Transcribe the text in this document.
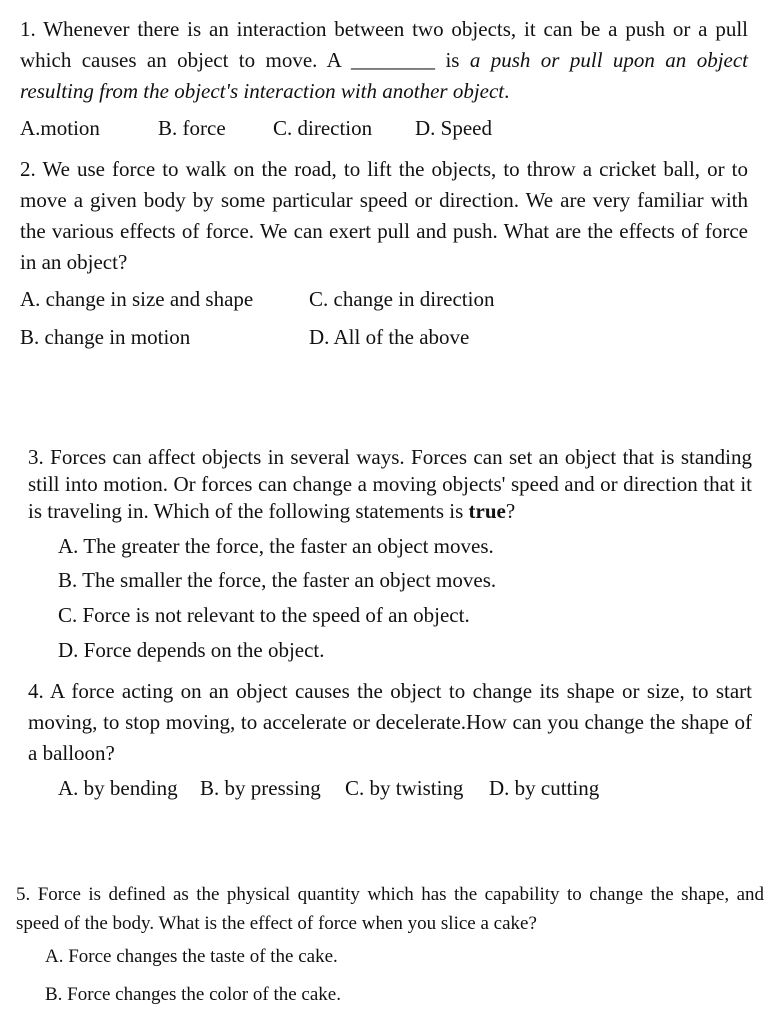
1. Whenever there is an interaction between two objects, it can be a push or a pull which causes an object to move. A ________ is a push or pull upon an object resulting from the object's interaction with another object.

A.motion	B. force C. direction D. Speed

2. We use force to walk on the road, to lift the objects, to throw a cricket ball, or to move a given body by some particular speed or direction. We are very familiar with the various effects of force. We can exert pull and push. What are the effects of force in an object?

A. change in size and shape	C. change in direction
B. change in motion	D. All of the above

3. Forces can affect objects in several ways. Forces can set an object that is standing still into motion. Or forces can change a moving objects' speed and or direction that it is traveling in. Which of the following statements is true?

A. The greater the force, the faster an object moves.
B. The smaller the force, the faster an object moves.
C. Force is not relevant to the speed of an object.
D. Force depends on the object.

4. A force acting on an object causes the object to change its shape or size, to start moving, to stop moving, to accelerate or decelerate.How can you change the shape of a balloon?

A. by bending B. by pressing C. by twisting D. by cutting

5. Force is defined as the physical quantity which has the capability to change the shape, and speed of the body. What is the effect of force when you slice a cake?

A. Force changes the taste of the cake.
B. Force changes the color of the cake.
